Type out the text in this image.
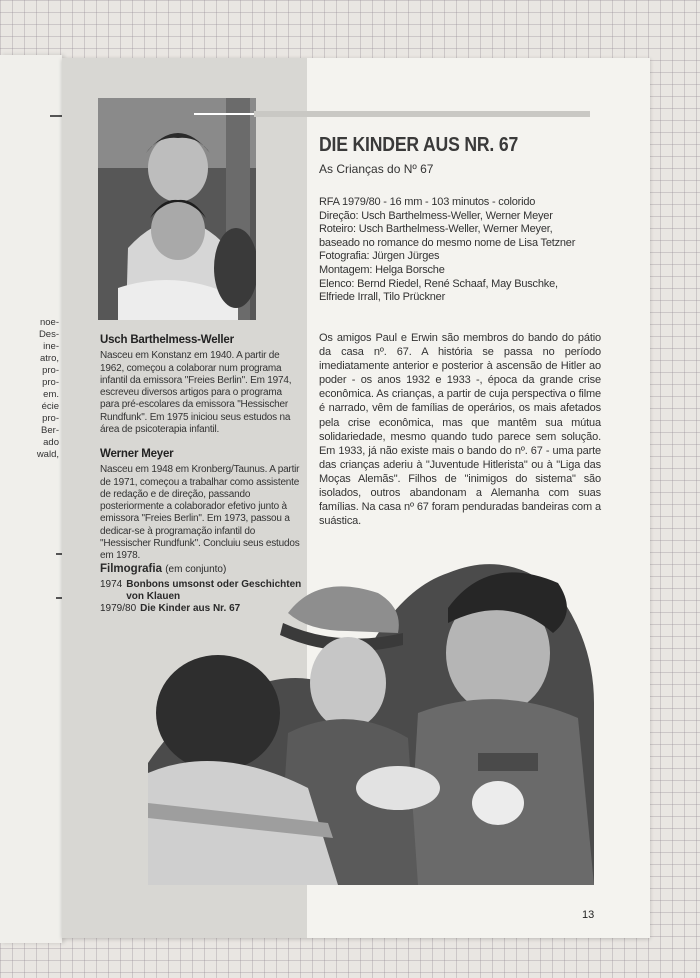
noe-
Des-
ine-
atro,
pro-
pro-
em.
écie
pro-
Ber-
ado
wald,
Usch Barthelmess-Weller

Nasceu em Konstanz em 1940. A partir de 1962, começou a colaborar num programa infantil da emissora "Freies Berlin". Em 1974, escreveu diversos artigos para o programa para pré-escolares da emissora "Hessischer Rundfunk". Em 1975 iniciou seus estudos na área de psicoterapia infantil.

Werner Meyer

Nasceu em 1948 em Kronberg/Taunus. A partir de 1971, começou a trabalhar como assistente de redação e de direção, passando posteriormente a colaborador efetivo junto à emissora "Freies Berlin". Em 1973, passou a dedicar-se à programação infantil do "Hessischer Rundfunk". Concluiu seus estudos em 1978.

Filmografia (em conjunto)
1974 Bonbons umsonst oder Geschichten von Klauen
1979/80 Die Kinder aus Nr. 67
DIE KINDER AUS NR. 67
As Crianças do Nº 67
RFA 1979/80 - 16 mm - 103 minutos - colorido
Direção: Usch Barthelmess-Weller, Werner Meyer
Roteiro: Usch Barthelmess-Weller, Werner Meyer,
baseado no romance do mesmo nome de Lisa Tetzner
Fotografia: Jürgen Jürges
Montagem: Helga Borsche
Elenco: Bernd Riedel, René Schaaf, May Buschke,
Elfriede Irrall, Tilo Prückner
Os amigos Paul e Erwin são membros do bando do pátio da casa nº. 67. A história se passa no período imediatamente anterior e posterior à ascensão de Hitler ao poder - os anos 1932 e 1933 -, época da grande crise econômica. As crianças, a partir de cuja perspectiva o filme é narrado, vêm de famílias de operários, os mais afetados pela crise econômica, mas que mantêm sua mútua solidariedade, mesmo quando tudo parece sem solução. Em 1933, já não existe mais o bando do nº. 67 - uma parte das crianças aderiu à "Juventude Hitlerista" ou à "Liga das Moças Alemãs". Filhos de "inimigos do sistema" são isolados, outros abandonam a Alemanha com suas famílias. Na casa nº 67 foram penduradas bandeiras com a suástica.
13
